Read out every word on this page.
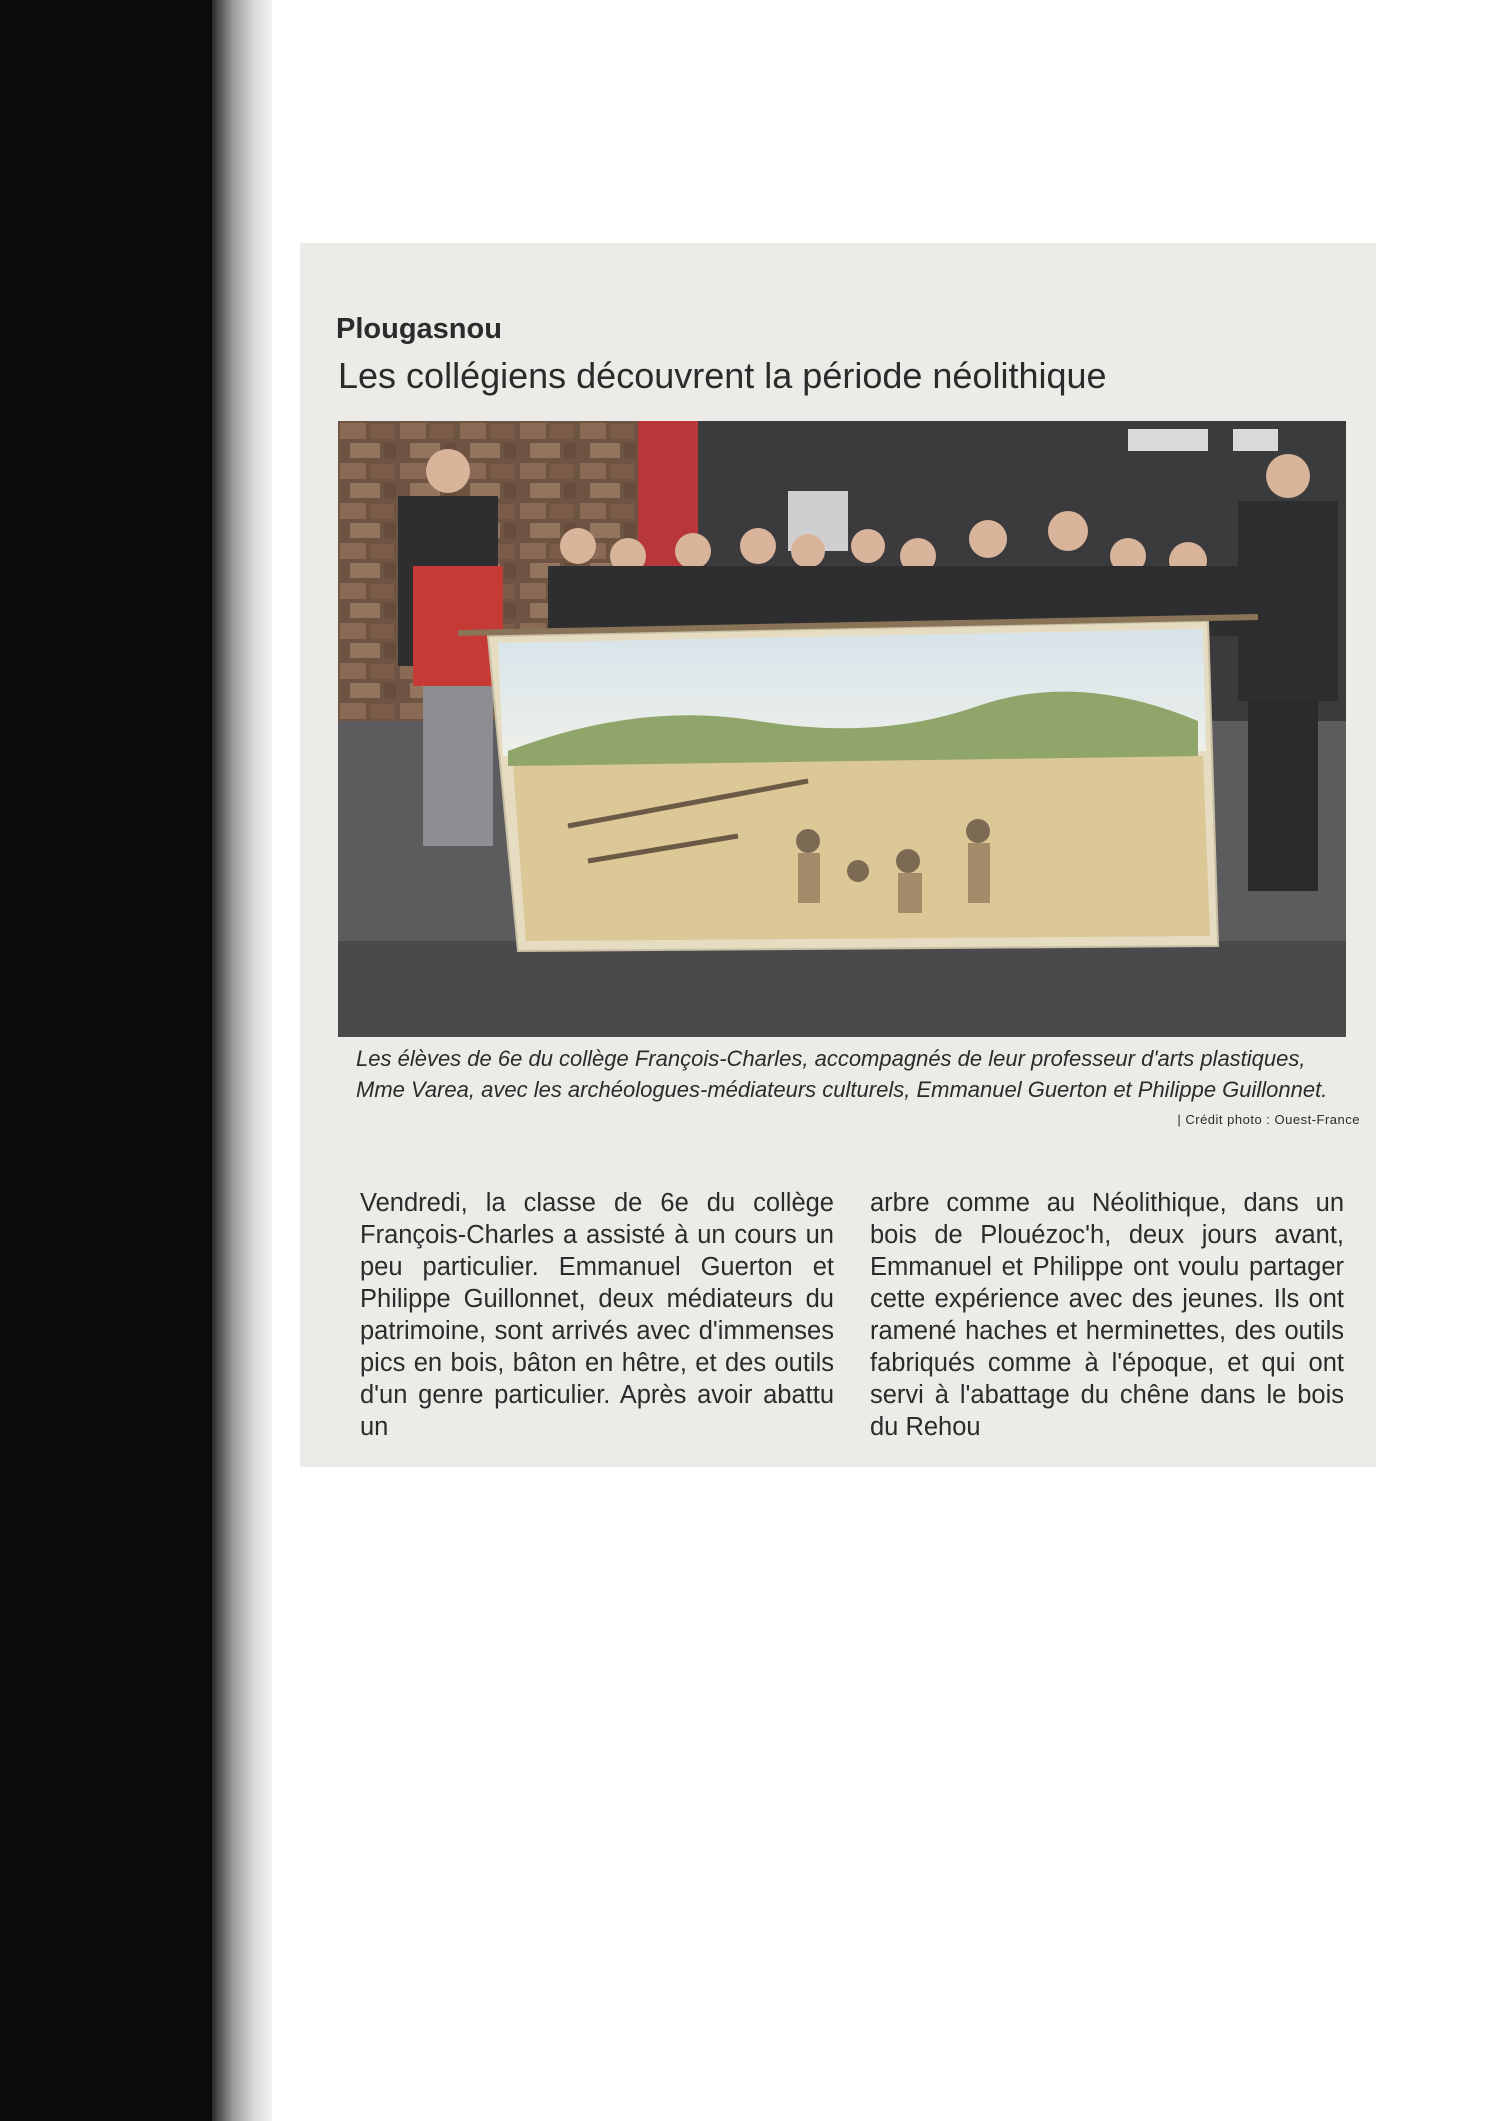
Plougasnou

Les collégiens découvrent la période néolithique

Les élèves de 6e du collège François-Charles, accompagnés de leur professeur d'arts plastiques, Mme Varea, avec les archéologues-médiateurs culturels, Emmanuel Guerton et Philippe Guillonnet.

| Crédit photo : Ouest-France

Vendredi, la classe de 6e du collège François-Charles a assisté à un cours un peu particulier. Emmanuel Guerton et Philippe Guillonnet, deux médiateurs du patrimoine, sont arrivés avec d'immenses pics en bois, bâton en hêtre, et des outils d'un genre particulier. Après avoir abattu un

arbre comme au Néolithique, dans un bois de Plouézoc'h, deux jours avant, Emmanuel et Philippe ont voulu partager cette expérience avec des jeunes. Ils ont ramené haches et herminettes, des outils fabriqués comme à l'époque, et qui ont servi à l'abattage du chêne dans le bois du Rehou
